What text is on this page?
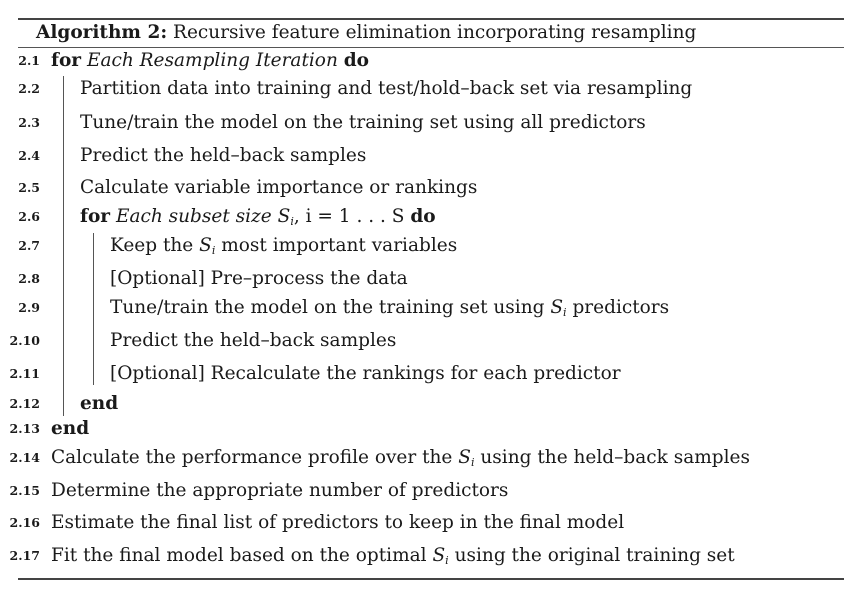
Algorithm 2: Recursive feature elimination incorporating resampling
2.1 for Each Resampling Iteration do
2.2 Partition data into training and test/hold–back set via resampling
2.3 Tune/train the model on the training set using all predictors
2.4 Predict the held–back samples
2.5 Calculate variable importance or rankings
2.6 for Each subset size $S_i$, i = 1 . . . S do
2.7	Keep the $S_i$ most important variables
2.8	[Optional] Pre–process the data
2.9	Tune/train the model on the training set using $S_i$ predictors
2.10	Predict the held–back samples
2.11	[Optional] Recalculate the rankings for each predictor
2.12 end
2.13 end
2.14 Calculate the performance profile over the $S_i$ using the held–back samples
2.15 Determine the appropriate number of predictors
2.16 Estimate the final list of predictors to keep in the final model
2.17 Fit the final model based on the optimal $S_i$ using the original training set
